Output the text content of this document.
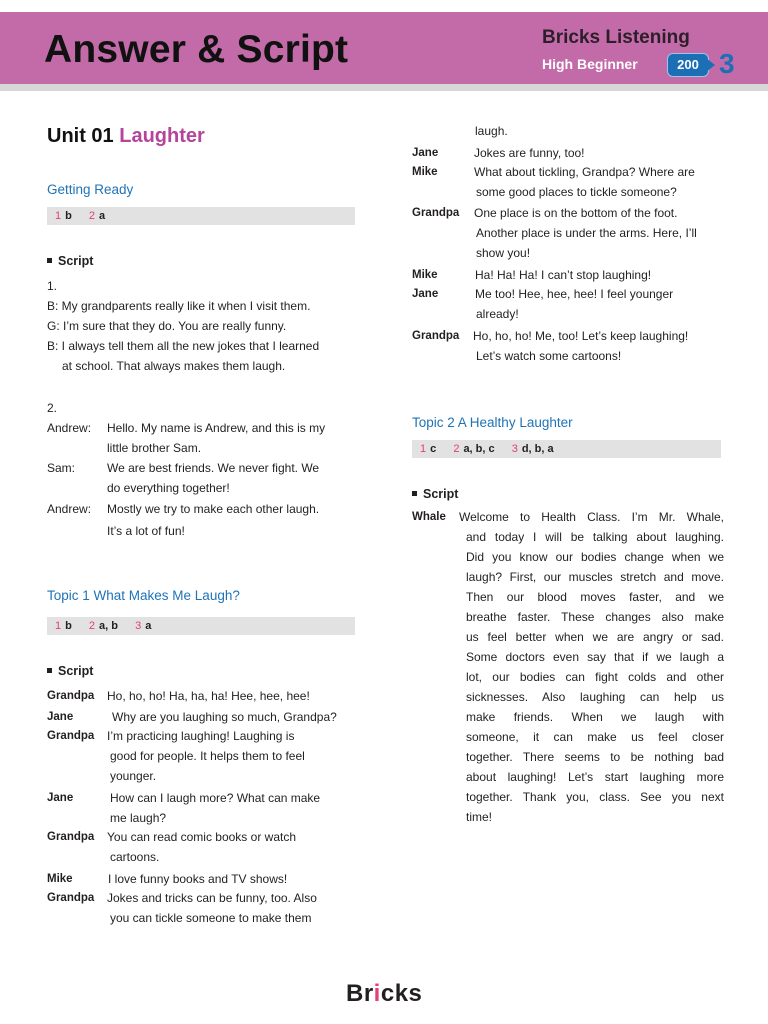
Answer & Script	Bricks Listening
High Beginner	200 3
Unit 01 Laughter
Getting Ready
1 b 2 a
Script
1.
B: My grandparents really like it when I visit them.
G: I’m sure that they do. You are really funny.
B: I always tell them all the new jokes that I learned
at school. That always makes them laugh.
2.
Andrew: Hello. My name is Andrew, and this is my
little brother Sam.
Sam:	We are best friends. We never fight. We
do everything together!
Andrew: Mostly we try to make each other laugh.
It’s a lot of fun!
Topic 1 What Makes Me Laugh?
1 b 2 a, b 3 a
Script
Grandpa Ho, ho, ho! Ha, ha, ha! Hee, hee, hee!
Jane	Why are you laughing so much, Grandpa?
Grandpa I’m practicing laughing! Laughing is
good for people. It helps them to feel
younger.
Jane	How can I laugh more? What can make
me laugh?
Grandpa You can read comic books or watch
cartoons.
Mike	I love funny books and TV shows!
Grandpa Jokes and tricks can be funny, too. Also
you can tickle someone to make them
laugh.
Jane	Jokes are funny, too!
Mike	What about tickling, Grandpa? Where are
some good places to tickle someone?
Grandpa One place is on the bottom of the foot.
Another place is under the arms. Here, I’ll
show you!
Mike	Ha! Ha! Ha! I can’t stop laughing!
Jane	Me too! Hee, hee, hee! I feel younger
already!
Grandpa Ho, ho, ho! Me, too! Let’s keep laughing!
Let’s watch some cartoons!
Topic 2 A Healthy Laughter
1 c 2 a, b, c 3 d, b, a
Script
Whale Welcome to Health Class. I’m Mr. Whale,
and today I will be talking about laughing.
Did you know our bodies change when we
laugh? First, our muscles stretch and move.
Then our blood moves faster, and we
breathe faster. These changes also make
us feel better when we are angry or sad.
Some doctors even say that if we laugh a
lot, our bodies can fight colds and other
sicknesses. Also laughing can help us
make friends. When we laugh with
someone, it can make us feel closer
together. There seems to be nothing bad
about laughing! Let’s start laughing more
together. Thank you, class. See you next
time!
Bricks
